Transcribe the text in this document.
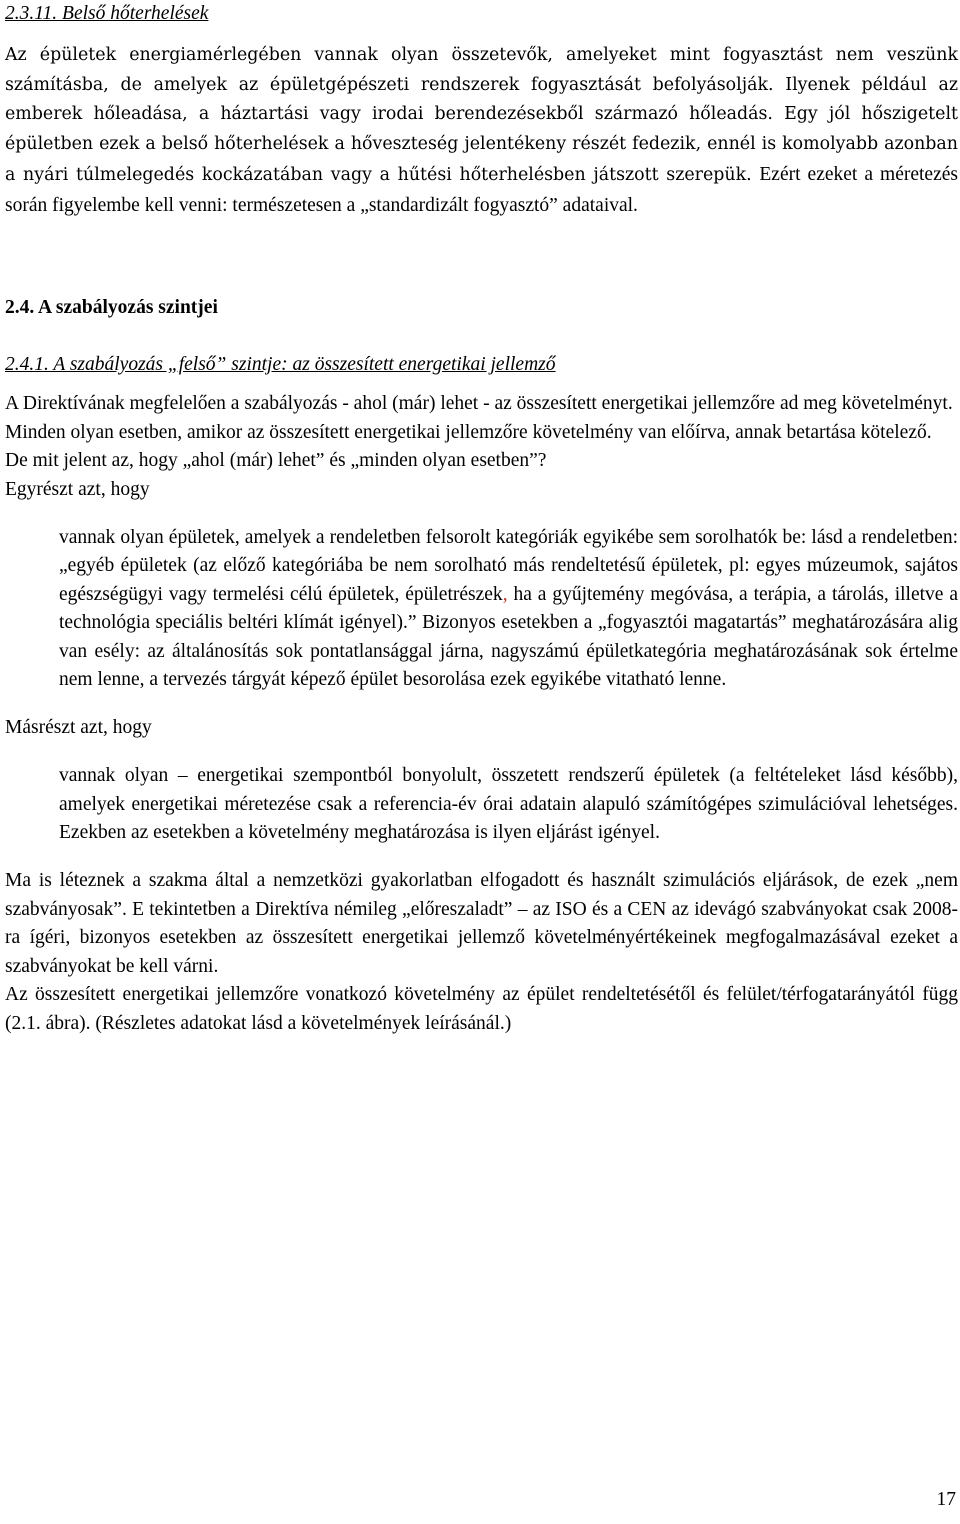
2.3.11. Belső hőterhelések
Az épületek energiamérlegében vannak olyan összetevők, amelyeket mint fogyasztást nem veszünk számításba, de amelyek az épületgépészeti rendszerek fogyasztását befolyásolják. Ilyenek például az emberek hőleadása, a háztartási vagy irodai berendezésekből származó hőleadás. Egy jól hőszigetelt épületben ezek a belső hőterhelések a hőveszteség jelentékeny részét fedezik, ennél is komolyabb azonban a nyári túlmelegedés kockázatában vagy a hűtési hőterhelésben játszott szerepük. Ezért ezeket a méretezés során figyelembe kell venni: természetesen a „standardizált fogyasztó” adataival.
2.4. A szabályozás szintjei
2.4.1. A szabályozás „felső” szintje: az összesített energetikai jellemző

A Direktívának megfelelően a szabályozás - ahol (már) lehet - az összesített energetikai jellemzőre ad meg követelményt.

Minden olyan esetben, amikor az összesített energetikai jellemzőre követelmény van előírva, annak betartása kötelező.

De mit jelent az, hogy „ahol (már) lehet” és „minden olyan esetben”?

Egyrészt azt, hogy

vannak olyan épületek, amelyek a rendeletben felsorolt kategóriák egyikébe sem sorolhatók be: lásd a rendeletben: „egyéb épületek (az előző kategóriába be nem sorolható más rendeltetésű épületek, pl: egyes múzeumok, sajátos egészségügyi vagy termelési célú épületek, épületrészek, ha a gyűjtemény megóvása, a terápia, a tárolás, illetve a technológia speciális beltéri klímát igényel).” Bizonyos esetekben a „fogyasztói magatartás” meghatározására alig van esély: az általánosítás sok pontatlansággal járna, nagyszámú épületkategória meghatározásának sok értelme nem lenne, a tervezés tárgyát képező épület besorolása ezek egyikébe vitatható lenne.

Másrészt azt, hogy

vannak olyan – energetikai szempontból bonyolult, összetett rendszerű épületek (a feltételeket lásd később), amelyek energetikai méretezése csak a referencia-év órai adatain alapuló számítógépes szimulációval lehetséges. Ezekben az esetekben a követelmény meghatározása is ilyen eljárást igényel.

Ma is léteznek a szakma által a nemzetközi gyakorlatban elfogadott és használt szimulációs eljárások, de ezek „nem szabványosak”. E tekintetben a Direktíva némileg „előreszaladt” – az ISO és a CEN az idevágó szabványokat csak 2008-ra ígéri, bizonyos esetekben az összesített energetikai jellemző követelményértékeinek megfogalmazásával ezeket a szabványokat be kell várni.

Az összesített energetikai jellemzőre vonatkozó követelmény az épület rendeltetésétől és felület/térfogatarányától függ (2.1. ábra). (Részletes adatokat lásd a követelmények leírásánál.)

17
